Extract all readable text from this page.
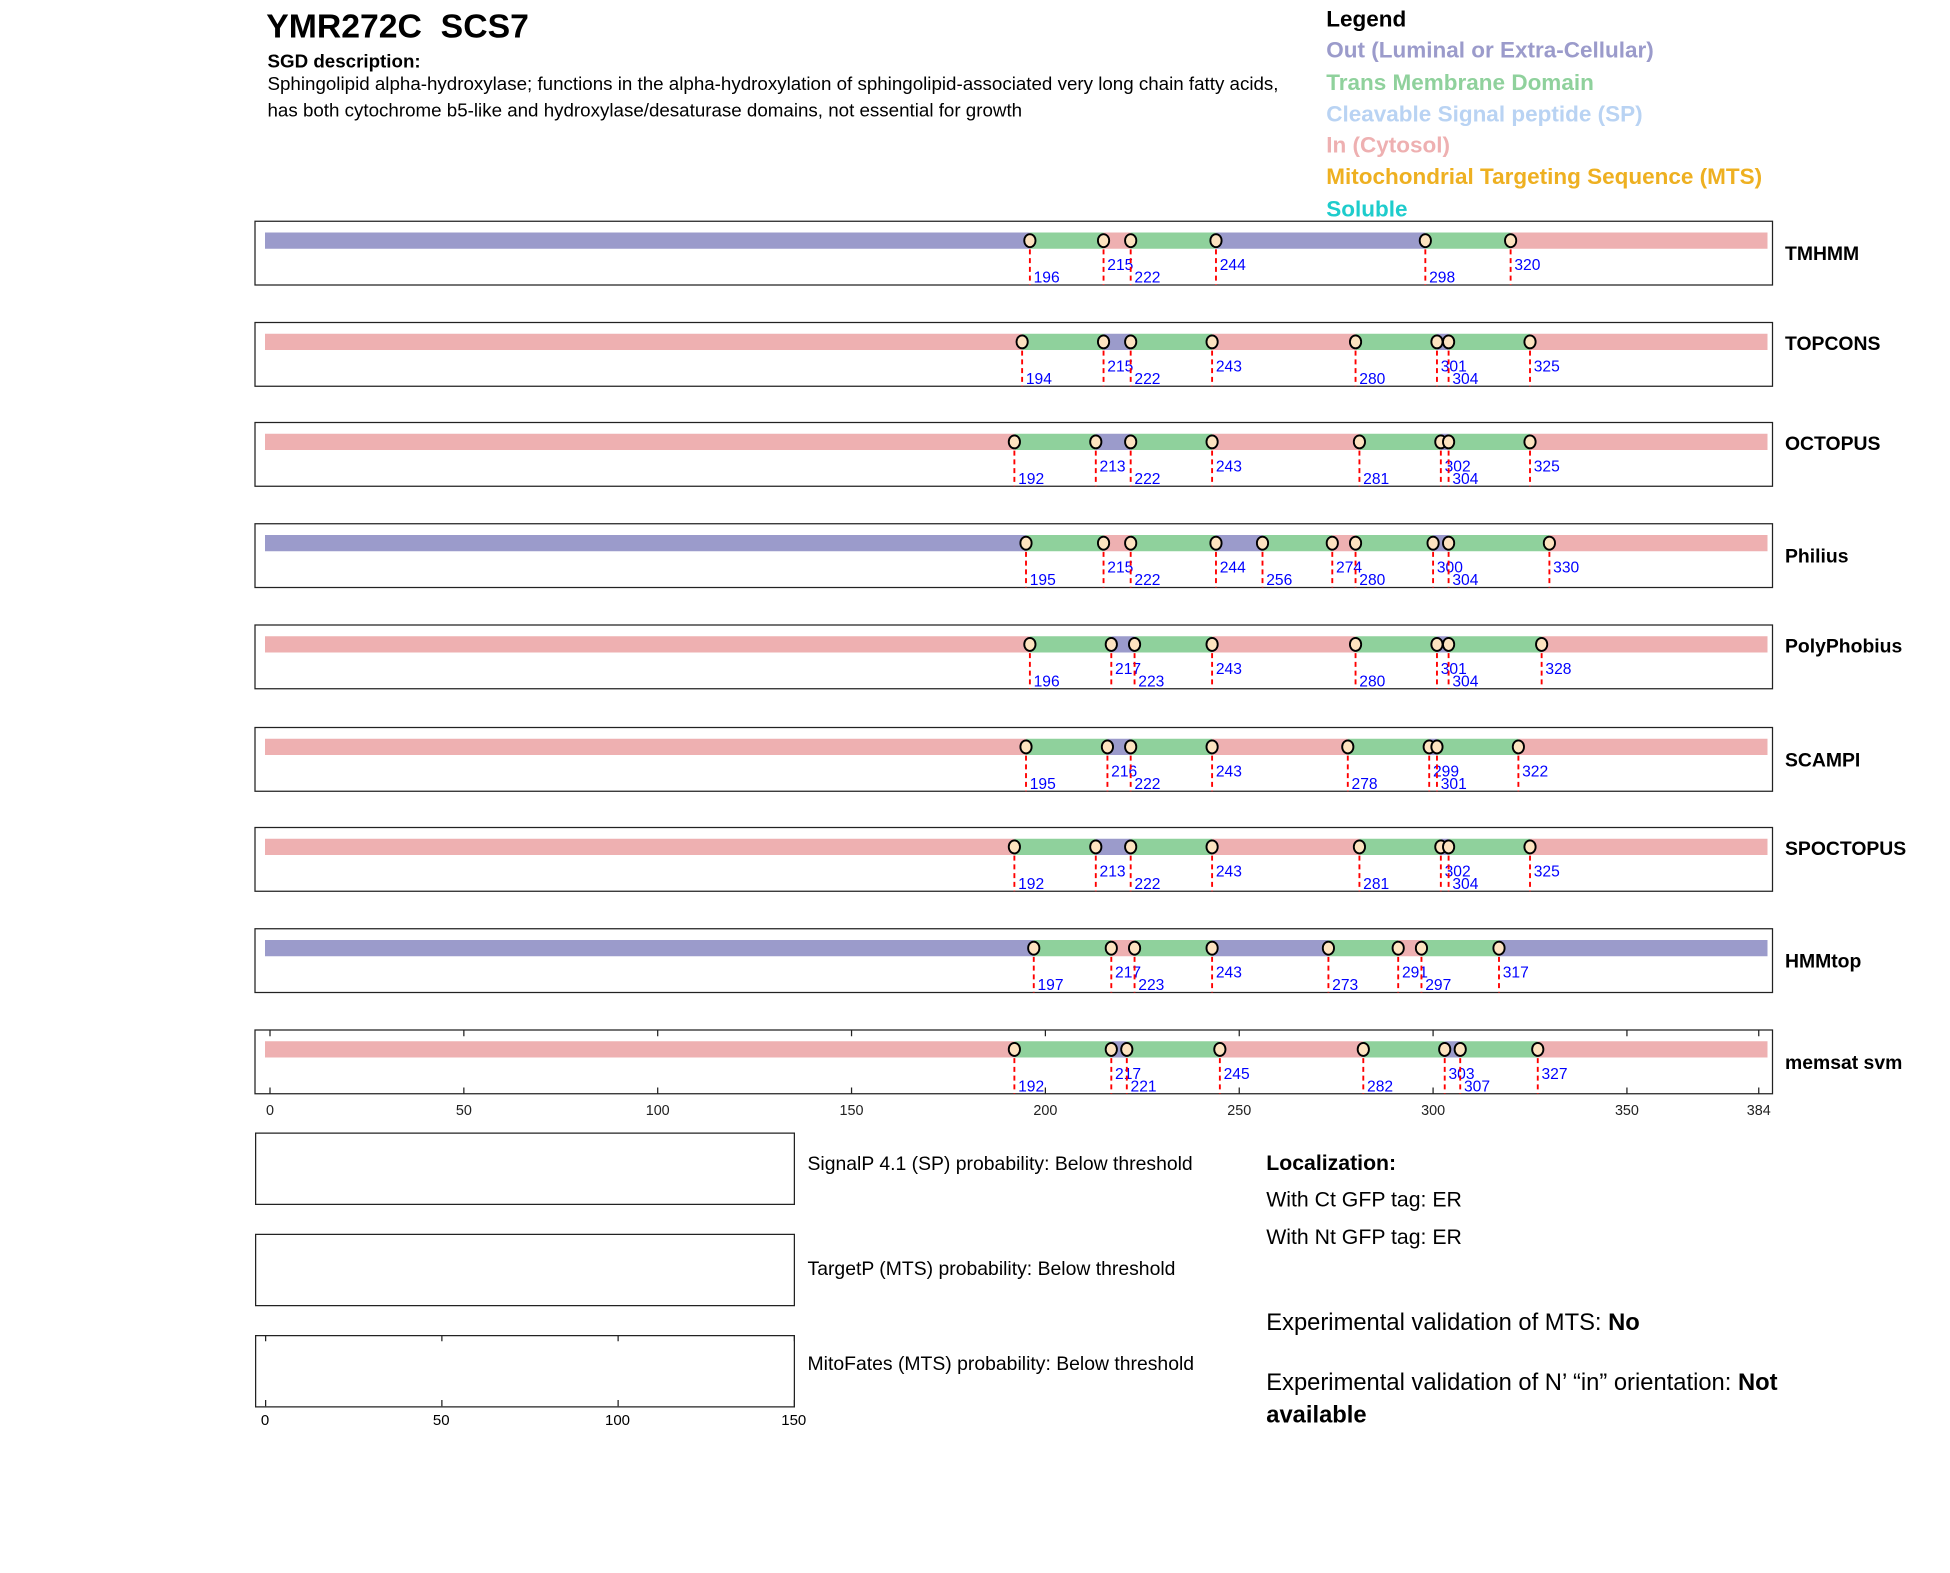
YMR272C  SCS7
SGD description:
Sphingolipid alpha-hydroxylase; functions in the alpha-hydroxylation of sphingolipid-associated very long chain fatty acids, has both cytochrome b5-like and hydroxylase/desaturase domains, not essential for growth
Legend
Out (Luminal or Extra-Cellular)
Trans Membrane Domain
Cleavable Signal peptide (SP)
In (Cytosol)
Mitochondrial Targeting Sequence (MTS)
Soluble
196
215
222
244
298
320
TMHMM
194
215
222
243
280
301
304
325
TOPCONS
192
213
222
243
281
302
304
325
OCTOPUS
195
215
222
244
256
274
280
300
304
330
Philius
196
217
223
243
280
301
304
328
PolyPhobius
195
216
222
243
278
299
301
322
SCAMPI
192
213
222
243
281
302
304
325
SPOCTOPUS
197
217
223
243
273
291
297
317
HMMtop
0	50	100	150	200	250	300	350	384
192
217
221
245
282
303
307
327
memsat svm
SignalP 4.1 (SP) probability: Below threshold
TargetP (MTS) probability: Below threshold
MitoFates (MTS) probability: Below threshold
0	50	100	150
Localization:
With Ct GFP tag: ER
With Nt GFP tag: ER
Experimental validation of MTS: No
Experimental validation of N’ “in” orientation: Not available
